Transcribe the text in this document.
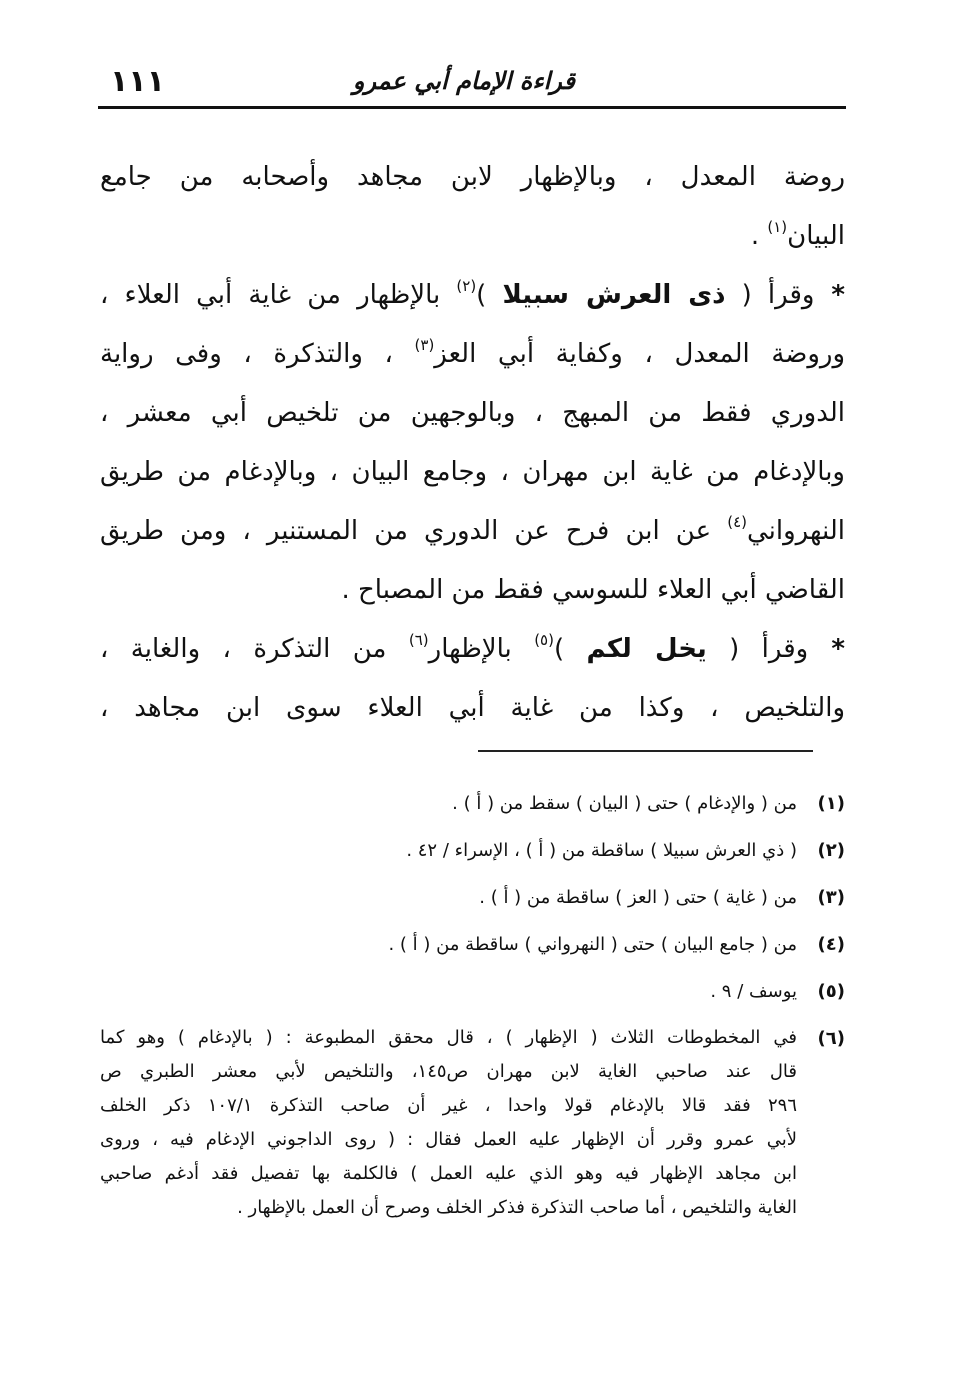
١١١	قراءة الإمام أبي عمرو
روضة المعدل ، وبالإظهار لابن مجاهد وأصحابه من جامع
البيان$^{(١)}$ .
* وقرأ ( ذى العرش سبيلا )$^{(٢)}$ بالإظهار من غاية أبي العلاء ،
وروضة المعدل ، وكفاية أبي العز$^{(٣)}$ ، والتذكرة ، وفى رواية
الدوري فقط من المبهج ، وبالوجهين من تلخيص أبي معشر ،
وبالإدغام من غاية ابن مهران ، وجامع البيان ، وبالإدغام من طريق
النهرواني$^{(٤)}$ عن ابن فرح عن الدوري من المستنير ، ومن طريق
القاضي أبي العلاء للسوسي فقط من المصباح .
* وقرأ ( يخل لكم )$^{(٥)}$ بالإظهار$^{(٦)}$ من التذكرة ، والغاية ،
والتلخيص ، وكذا من غاية أبي العلاء سوى ابن مجاهد ،
(١)
من ( والإدغام ) حتى ( البيان ) سقط من ( أ ) .
(٢)
( ذي العرش سبيلا ) ساقطة من ( أ ) ، الإسراء / ٤٢ .
(٣)
من ( غاية ) حتى ( العز ) ساقطة من ( أ ) .
(٤)
من ( جامع البيان ) حتى ( النهرواني ) ساقطة من ( أ ) .
(٥)
يوسف / ٩ .
(٦)
في المخطوطات الثلاث ( الإظهار ) ، قال محقق المطبوعة : ( بالإدغام ) وهو كما
قال عند صاحبي الغاية لابن مهران ص١٤٥، والتلخيص لأبي معشر الطبري ص
٢٩٦ فقد قالا بالإدغام قولا واحدا ، غير أن صاحب التذكرة ١٠٧/١ ذكر الخلف
لأبي عمرو وقرر أن الإظهار عليه العمل فقال : ( روى الداجوني الإدغام فيه ، وروى
ابن مجاهد الإظهار فيه وهو الذي عليه العمل ) فالكلمة بها تفصيل فقد أدغم صاحبي
الغاية والتلخيص ، أما صاحب التذكرة فذكر الخلف وصرح أن العمل بالإظهار .
